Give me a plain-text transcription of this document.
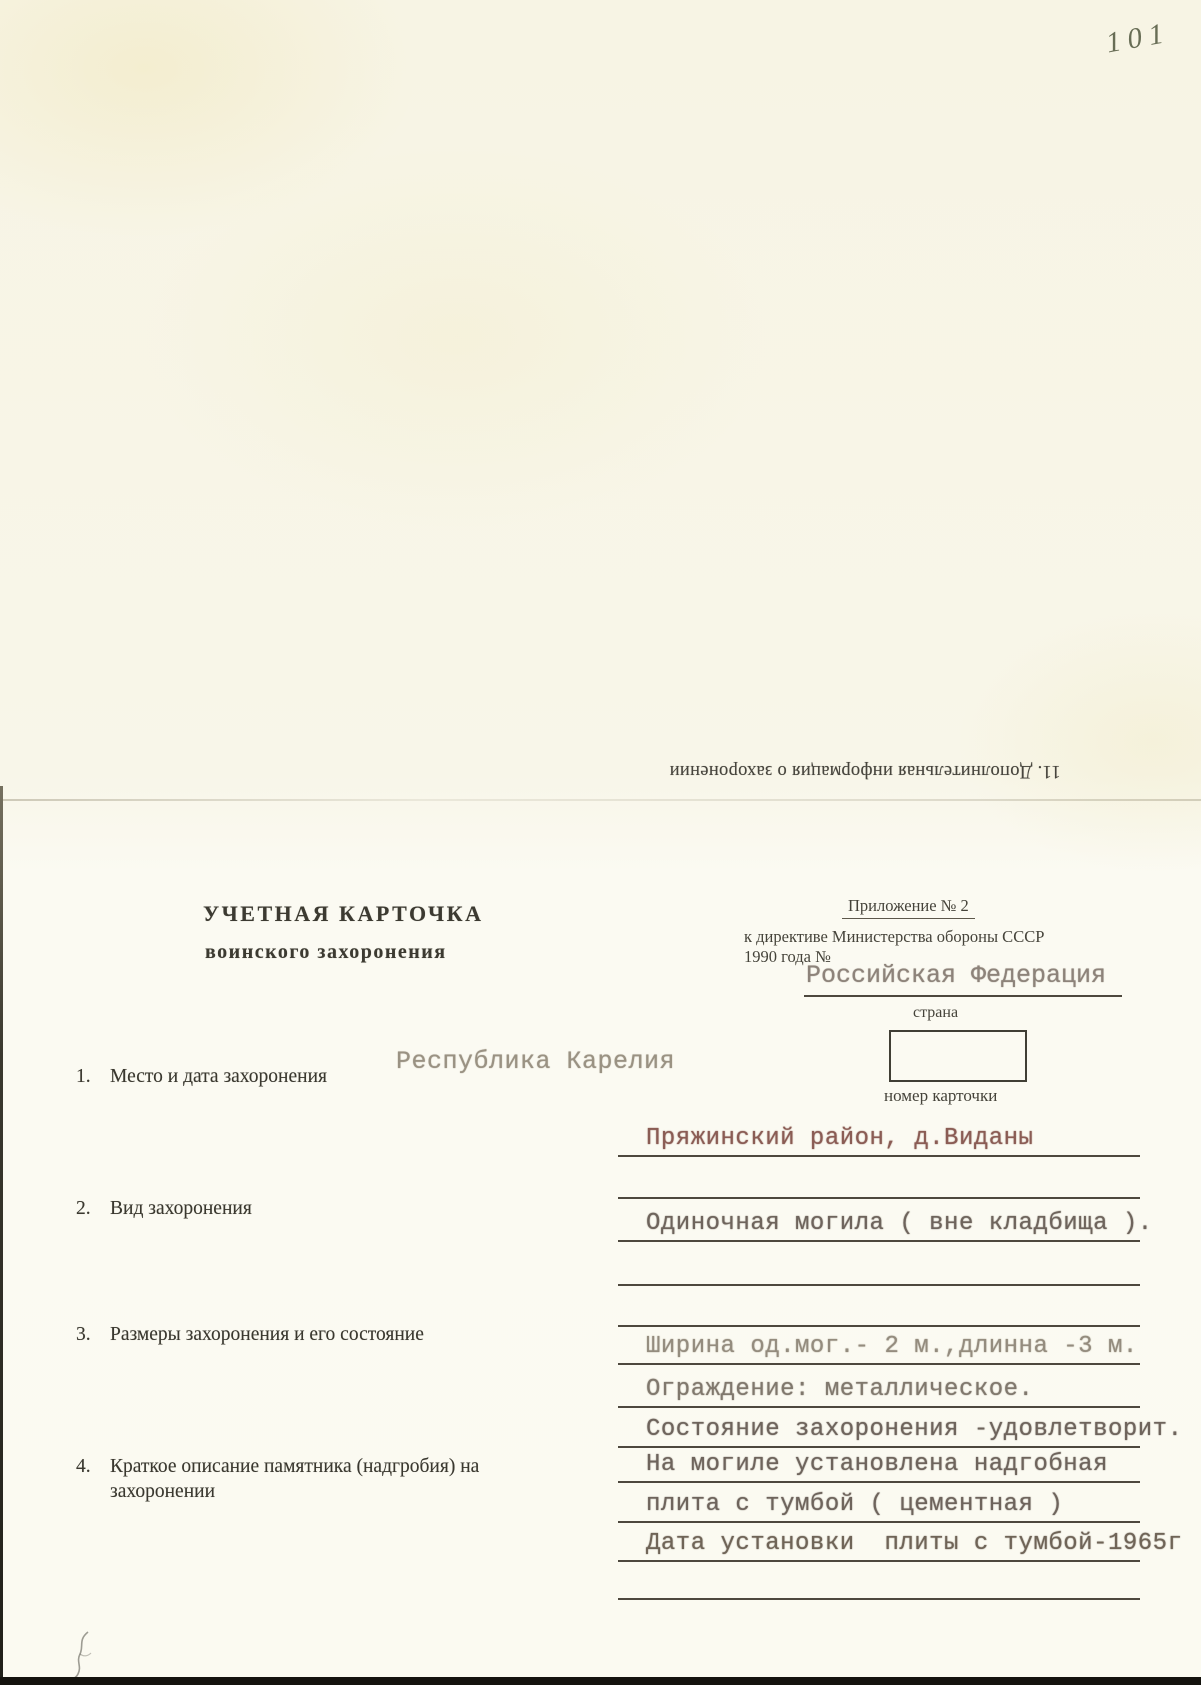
101
11. Дополнительная информация о захоронении
УЧЕТНАЯ КАРТОЧКА
воинского захоронения
Приложение № 2
к директиве Министерства обороны СССР
1990 года №
Российская Федерация
страна
номер карточки
1. Место и дата захоронения
Республика Карелия
2. Вид захоронения
3. Размеры захоронения и его состояние
4. Краткое описание памятника (надгробия) на захоронении
Пряжинский район, д.Виданы
Одиночная могила ( вне кладбища ).
Ширина од.мог.- 2 м.,длинна -3 м.
Ограждение: металлическое.
Состояние захоронения -удовлетворит.
На могиле установлена надгобная
плита с тумбой ( цементная )
Дата установки  плиты с тумбой-1965г
